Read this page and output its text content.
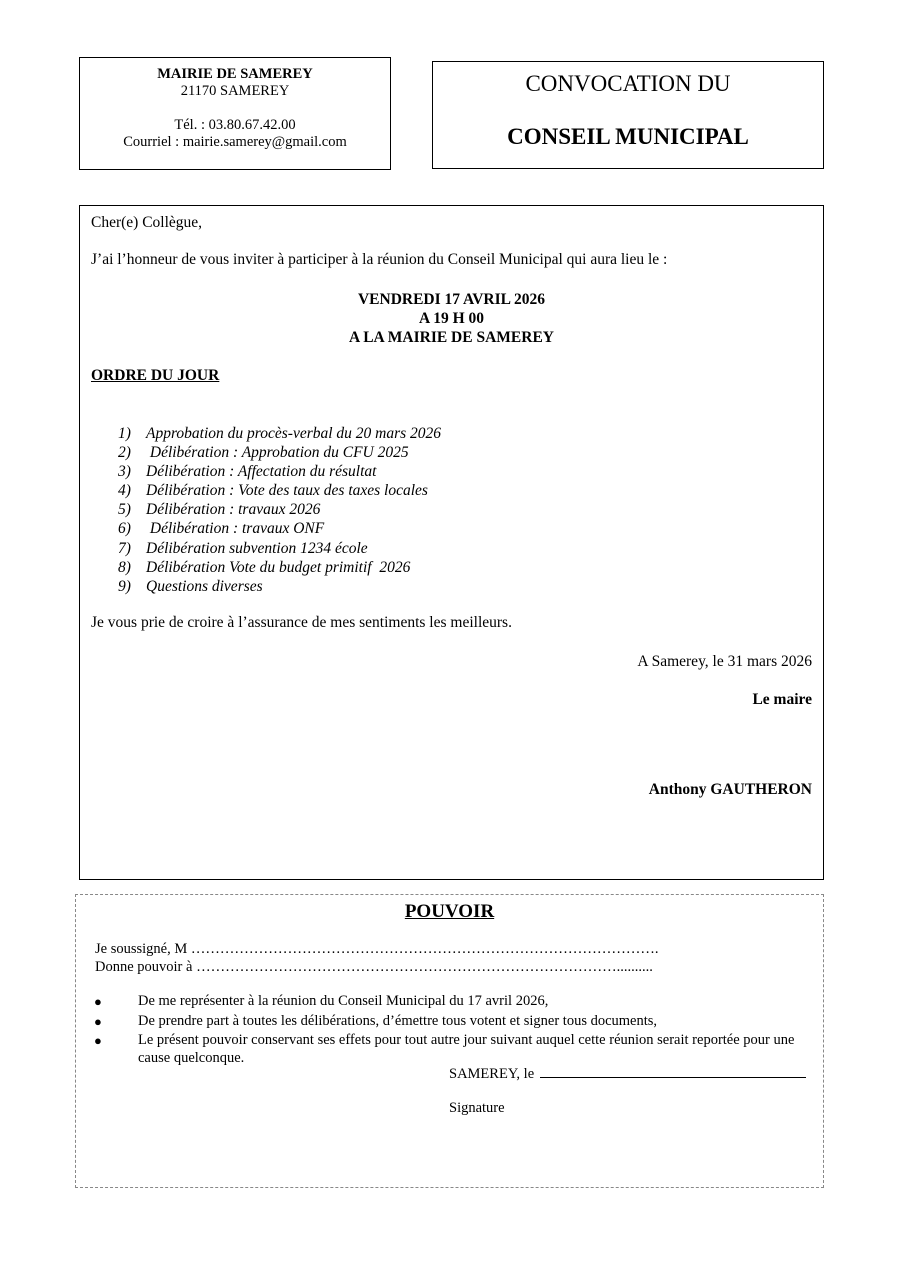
MAIRIE DE SAMEREY
21170 SAMEREY
Tél. : 03.80.67.42.00
Courriel : mairie.samerey@gmail.com
CONVOCATION DU
CONSEIL MUNICIPAL
Cher(e) Collègue,
J’ai l’honneur de vous inviter à participer à la réunion du Conseil Municipal qui aura lieu le :
VENDREDI 17 AVRIL 2026
A 19 H 00
A LA MAIRIE DE SAMEREY
ORDRE DU JOUR
1) Approbation du procès-verbal du 20 mars 2026
2) Délibération : Approbation du CFU 2025
3) Délibération : Affectation du résultat
4) Délibération : Vote des taux des taxes locales
5) Délibération : travaux 2026
6) Délibération : travaux ONF
7) Délibération subvention 1234 école
8) Délibération Vote du budget primitif  2026
9) Questions diverses
Je vous prie de croire à l’assurance de mes sentiments les meilleurs.
A Samerey, le 31 mars 2026
Le maire
Anthony GAUTHERON
POUVOIR
Je soussigné, M …………………………………………………………………………………….
Donne pouvoir à ……………………………………………………………………………..........
●	De me représenter à la réunion du Conseil Municipal du 17 avril 2026,
●	De prendre part à toutes les délibérations, d’émettre tous votent et signer tous documents,
●	Le présent pouvoir conservant ses effets pour tout autre jour suivant auquel cette réunion serait reportée pour une cause quelconque.
SAMEREY, le
Signature
